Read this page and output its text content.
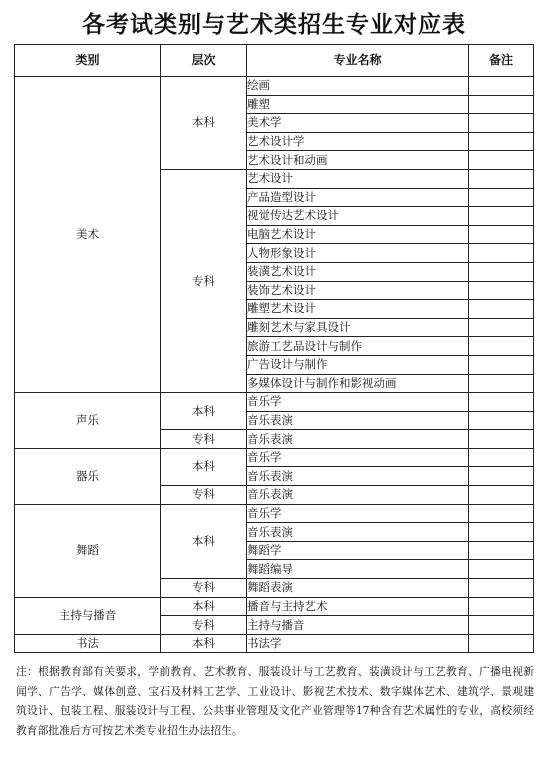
各考试类别与艺术类招生专业对应表
类别	层次	专业名称	备注
美术	本科	绘画	
		雕塑	
		美术学	
		艺术设计学	
		艺术设计和动画	
	专科	艺术设计	
		产品造型设计	
		视觉传达艺术设计	
		电脑艺术设计	
		人物形象设计	
		装潢艺术设计	
		装饰艺术设计	
		雕塑艺术设计	
		雕刻艺术与家具设计	
		旅游工艺品设计与制作	
		广告设计与制作	
		多媒体设计与制作和影视动画	
声乐	本科	音乐学	
		音乐表演	
	专科	音乐表演	
器乐	本科	音乐学	
		音乐表演	
	专科	音乐表演	
舞蹈	本科	音乐学	
		音乐表演	
		舞蹈学	
		舞蹈编导	
	专科	舞蹈表演	
主持与播音	本科	播音与主持艺术	
	专科	主持与播音	
书法	本科	书法学	
注：根据教育部有关要求，学前教育、艺术教育、服装设计与工艺教育、装潢设计与工艺教育、广播电视新闻学、广告学、媒体创意、宝石及材料工艺学、工业设计、影视艺术技术、数字媒体艺术、建筑学、景观建筑设计、包装工程、服装设计与工程、公共事业管理及文化产业管理等17种含有艺术属性的专业，高校须经教育部批准后方可按艺术类专业招生办法招生。
